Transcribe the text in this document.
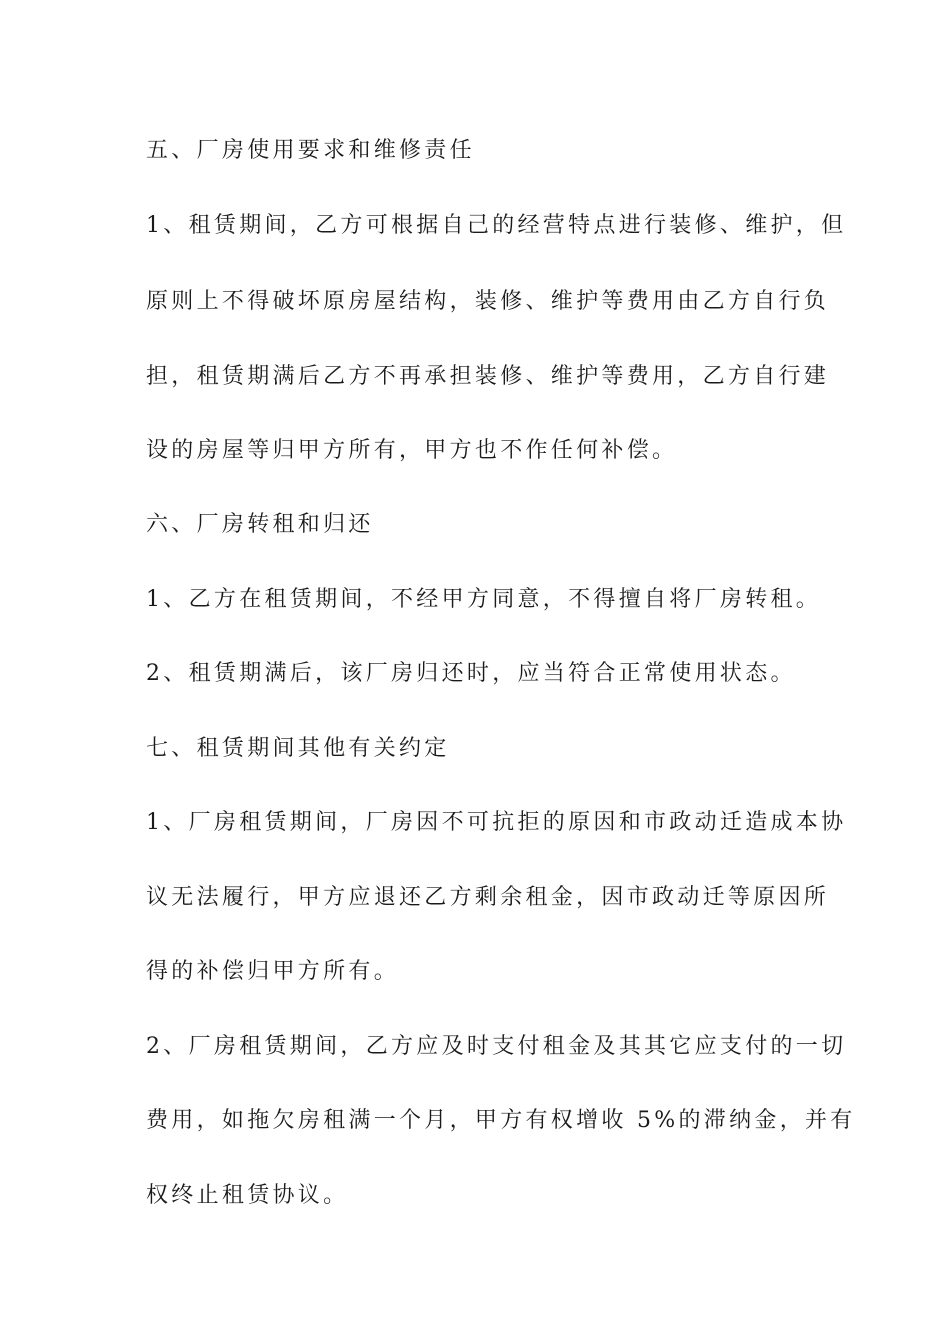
五、厂房使用要求和维修责任
1、租赁期间，乙方可根据自己的经营特点进行装修、维护，但
原则上不得破坏原房屋结构，装修、维护等费用由乙方自行负
担，租赁期满后乙方不再承担装修、维护等费用，乙方自行建
设的房屋等归甲方所有，甲方也不作任何补偿。
六、厂房转租和归还
1、乙方在租赁期间，不经甲方同意，不得擅自将厂房转租。
2、租赁期满后，该厂房归还时，应当符合正常使用状态。
七、租赁期间其他有关约定
1、厂房租赁期间，厂房因不可抗拒的原因和市政动迁造成本协
议无法履行，甲方应退还乙方剩余租金，因市政动迁等原因所
得的补偿归甲方所有。
2、厂房租赁期间，乙方应及时支付租金及其其它应支付的一切
费用，如拖欠房租满一个月，甲方有权增收 5%的滞纳金，并有
权终止租赁协议。
